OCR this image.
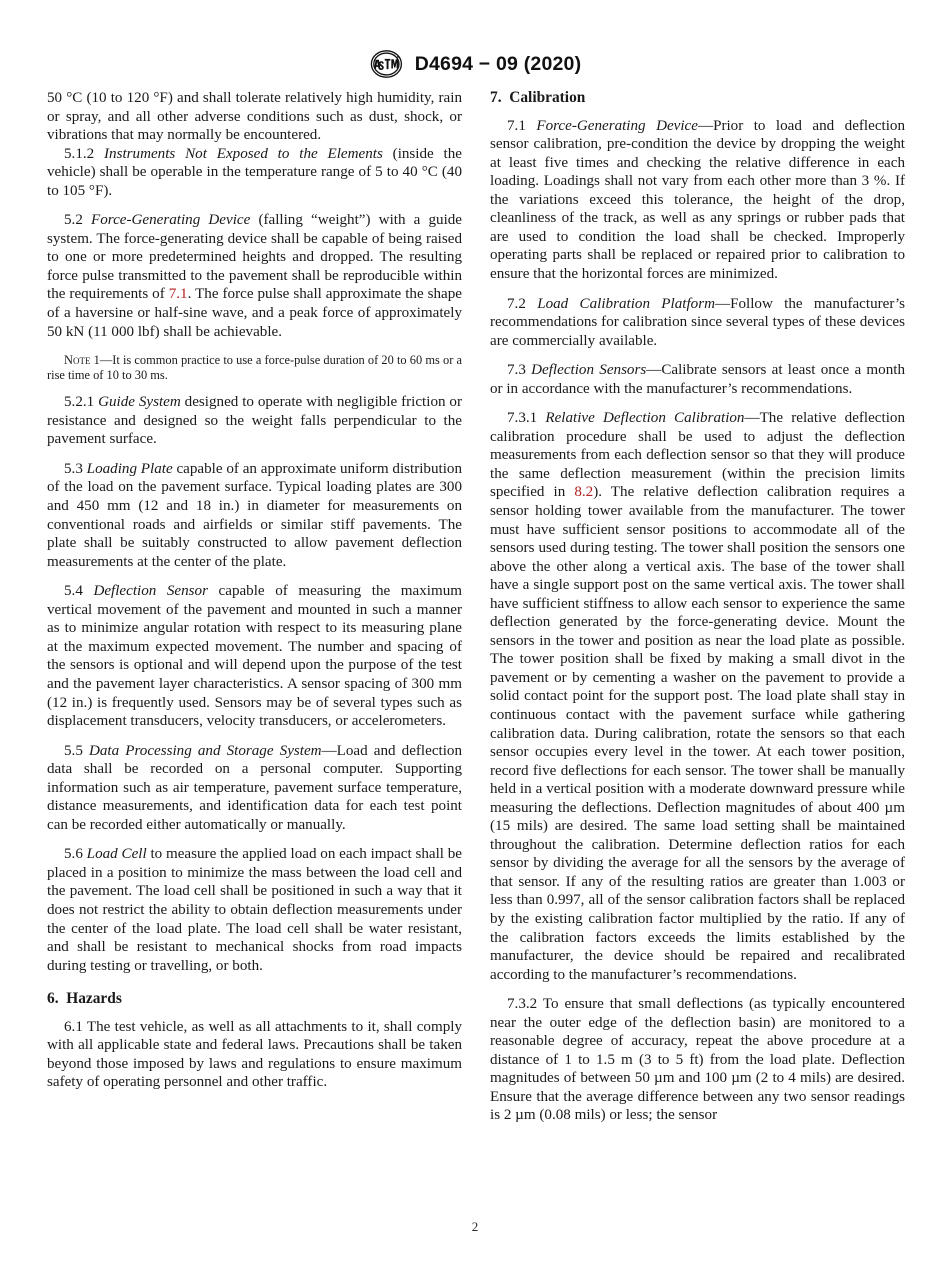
D4694 − 09 (2020)

50 °C (10 to 120 °F) and shall tolerate relatively high humidity, rain or spray, and all other adverse conditions such as dust, shock, or vibrations that may normally be encountered.

5.1.2 Instruments Not Exposed to the Elements (inside the vehicle) shall be operable in the temperature range of 5 to 40 °C (40 to 105 °F).

5.2 Force-Generating Device (falling “weight”) with a guide system. The force-generating device shall be capable of being raised to one or more predetermined heights and dropped. The resulting force pulse transmitted to the pavement shall be reproducible within the requirements of 7.1. The force pulse shall approximate the shape of a haversine or half-sine wave, and a peak force of approximately 50 kN (11 000 lbf) shall be achievable.

Note 1—It is common practice to use a force-pulse duration of 20 to 60 ms or a rise time of 10 to 30 ms.

5.2.1 Guide System designed to operate with negligible friction or resistance and designed so the weight falls perpendicular to the pavement surface.

5.3 Loading Plate capable of an approximate uniform distribution of the load on the pavement surface. Typical loading plates are 300 and 450 mm (12 and 18 in.) in diameter for measurements on conventional roads and airfields or similar stiff pavements. The plate shall be suitably constructed to allow pavement deflection measurements at the center of the plate.

5.4 Deflection Sensor capable of measuring the maximum vertical movement of the pavement and mounted in such a manner as to minimize angular rotation with respect to its measuring plane at the maximum expected movement. The number and spacing of the sensors is optional and will depend upon the purpose of the test and the pavement layer characteristics. A sensor spacing of 300 mm (12 in.) is frequently used. Sensors may be of several types such as displacement transducers, velocity transducers, or accelerometers.

5.5 Data Processing and Storage System—Load and deflection data shall be recorded on a personal computer. Supporting information such as air temperature, pavement surface temperature, distance measurements, and identification data for each test point can be recorded either automatically or manually.

5.6 Load Cell to measure the applied load on each impact shall be placed in a position to minimize the mass between the load cell and the pavement. The load cell shall be positioned in such a way that it does not restrict the ability to obtain deflection measurements under the center of the load plate. The load cell shall be water resistant, and shall be resistant to mechanical shocks from road impacts during testing or travelling, or both.

6.  Hazards

6.1 The test vehicle, as well as all attachments to it, shall comply with all applicable state and federal laws. Precautions shall be taken beyond those imposed by laws and regulations to ensure maximum safety of operating personnel and other traffic.

7.  Calibration

7.1 Force-Generating Device—Prior to load and deflection sensor calibration, pre-condition the device by dropping the weight at least five times and checking the relative difference in each loading. Loadings shall not vary from each other more than 3 %. If the variations exceed this tolerance, the height of the drop, cleanliness of the track, as well as any springs or rubber pads that are used to condition the load shall be checked. Improperly operating parts shall be replaced or repaired prior to calibration to ensure that the horizontal forces are minimized.

7.2 Load Calibration Platform—Follow the manufacturer’s recommendations for calibration since several types of these devices are commercially available.

7.3 Deflection Sensors—Calibrate sensors at least once a month or in accordance with the manufacturer’s recommendations.

7.3.1 Relative Deflection Calibration—The relative deflection calibration procedure shall be used to adjust the deflection measurements from each deflection sensor so that they will produce the same deflection measurement (within the precision limits specified in 8.2). The relative deflection calibration requires a sensor holding tower available from the manufacturer. The tower must have sufficient sensor positions to accommodate all of the sensors used during testing. The tower shall position the sensors one above the other along a vertical axis. The base of the tower shall have a single support post on the same vertical axis. The tower shall have sufficient stiffness to allow each sensor to experience the same deflection generated by the force-generating device. Mount the sensors in the tower and position as near the load plate as possible. The tower position shall be fixed by making a small divot in the pavement or by cementing a washer on the pavement to provide a solid contact point for the support post. The load plate shall stay in continuous contact with the pavement surface while gathering calibration data. During calibration, rotate the sensors so that each sensor occupies every level in the tower. At each tower position, record five deflections for each sensor. The tower shall be manually held in a vertical position with a moderate downward pressure while measuring the deflections. Deflection magnitudes of about 400 µm (15 mils) are desired. The same load setting shall be maintained throughout the calibration. Determine deflection ratios for each sensor by dividing the average for all the sensors by the average of that sensor. If any of the resulting ratios are greater than 1.003 or less than 0.997, all of the sensor calibration factors shall be replaced by the existing calibration factor multiplied by the ratio. If any of the calibration factors exceeds the limits established by the manufacturer, the device should be repaired and recalibrated according to the manufacturer’s recommendations.

7.3.2 To ensure that small deflections (as typically encountered near the outer edge of the deflection basin) are monitored to a reasonable degree of accuracy, repeat the above procedure at a distance of 1 to 1.5 m (3 to 5 ft) from the load plate. Deflection magnitudes of between 50 µm and 100 µm (2 to 4 mils) are desired. Ensure that the average difference between any two sensor readings is 2 µm (0.08 mils) or less; the sensor

2
